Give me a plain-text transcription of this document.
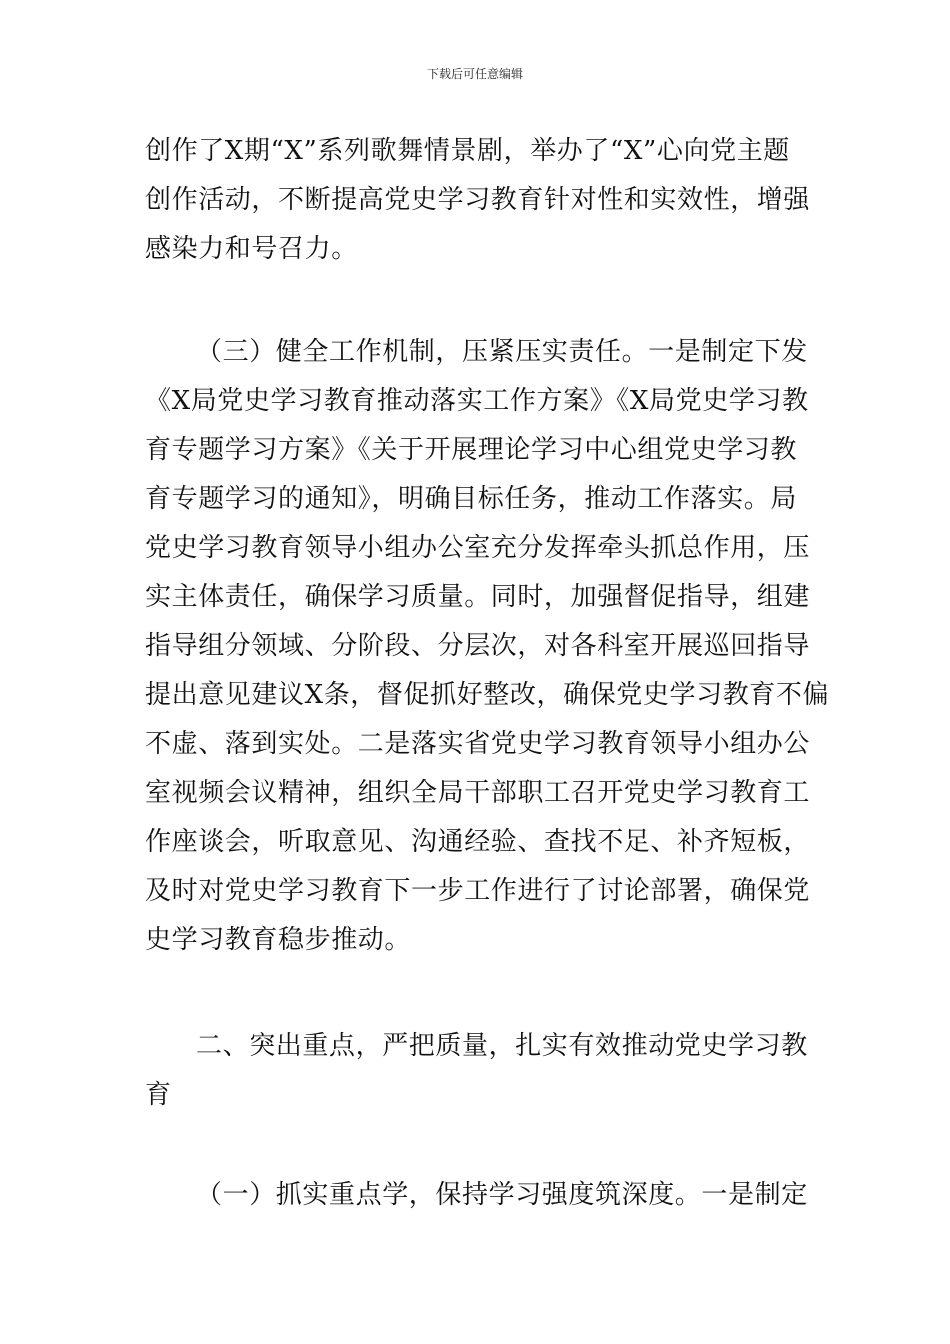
下载后可任意编辑
创作了X期“X”系列歌舞情景剧，举办了“X”心向党主题
创作活动，不断提高党史学习教育针对性和实效性，增强
感染力和号召力。
（三）健全工作机制，压紧压实责任。一是制定下发
《X局党史学习教育推动落实工作方案》《X局党史学习教
育专题学习方案》《关于开展理论学习中心组党史学习教
育专题学习的通知》，明确目标任务，推动工作落实。局
党史学习教育领导小组办公室充分发挥牵头抓总作用，压
实主体责任，确保学习质量。同时，加强督促指导，组建
指导组分领域、分阶段、分层次，对各科室开展巡回指导
提出意见建议X条，督促抓好整改，确保党史学习教育不偏
不虚、落到实处。二是落实省党史学习教育领导小组办公
室视频会议精神，组织全局干部职工召开党史学习教育工
作座谈会，听取意见、沟通经验、查找不足、补齐短板，
及时对党史学习教育下一步工作进行了讨论部署，确保党
史学习教育稳步推动。
二、突出重点，严把质量，扎实有效推动党史学习教
育
（一）抓实重点学，保持学习强度筑深度。一是制定
